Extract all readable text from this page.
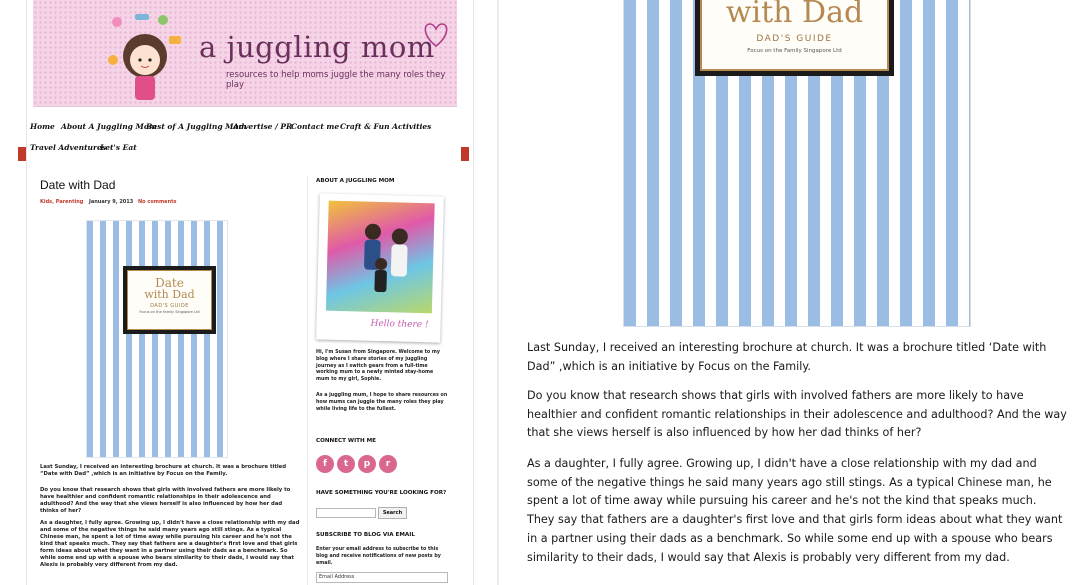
a juggling mom
resources to help moms juggle the many roles they play
Home About A Juggling Mom
Best of A Juggling Mom
Advertise / PR
Contact me Craft & Fun Activities
Travel Adventures
Let's Eat
Date with Dad
Kids, Parenting January 9, 2013 No comments
Date
with Dad
DAD'S GUIDE
Focus on the Family Singapore Ltd
Last Sunday, I received an interesting brochure at church. It was a brochure titled “Date with Dad” ,which is an initiative by Focus on the Family.
Do you know that research shows that girls with involved fathers are more likely to have healthier and confident romantic relationships in their adolescence and adulthood? And the way that she views herself is also influenced by how her dad thinks of her?
As a daughter, I fully agree. Growing up, I didn't have a close relationship with my dad and some of the negative things he said many years ago still stings. As a typical Chinese man, he spent a lot of time away while pursuing his career and he's not the kind that speaks much. They say that fathers are a daughter's first love and that girls form ideas about what they want in a partner using their dads as a benchmark. So while some end up with a spouse who bears similarity to their dads, I would say that Alexis is probably very different from my dad.
ABOUT A JUGGLING MOM
Hello there !
Hi, I'm Susan from Singapore. Welcome to my blog where I share stories of my juggling journey as I switch gears from a full-time working mum to a newly minted stay-home mum to my girl, Sophie.
As a juggling mum, I hope to share resources on how mums can juggle the many roles they play while living life to the fullest.
CONNECT WITH ME
f	t	p	r
HAVE SOMETHING YOU'RE LOOKING FOR?
Search
SUBSCRIBE TO BLOG VIA EMAIL
Enter your email address to subscribe to this blog and receive notifications of new posts by email.
Email Address
with Dad
DAD'S GUIDE
Focus on the Family Singapore Ltd

Last Sunday, I received an interesting brochure at church. It was a brochure titled ‘Date with Dad” ,which is an initiative by Focus on the Family.

Do you know that research shows that girls with involved fathers are more likely to have healthier and confident romantic relationships in their adolescence and adulthood? And the way that she views herself is also influenced by how her dad thinks of her?

As a daughter, I fully agree. Growing up, I didn't have a close relationship with my dad and some of the negative things he said many years ago still stings. As a typical Chinese man, he spent a lot of time away while pursuing his career and he's not the kind that speaks much. They say that fathers are a daughter's first love and that girls form ideas about what they want in a partner using their dads as a benchmark. So while some end up with a spouse who bears similarity to their dads, I would say that Alexis is probably very different from my dad.
